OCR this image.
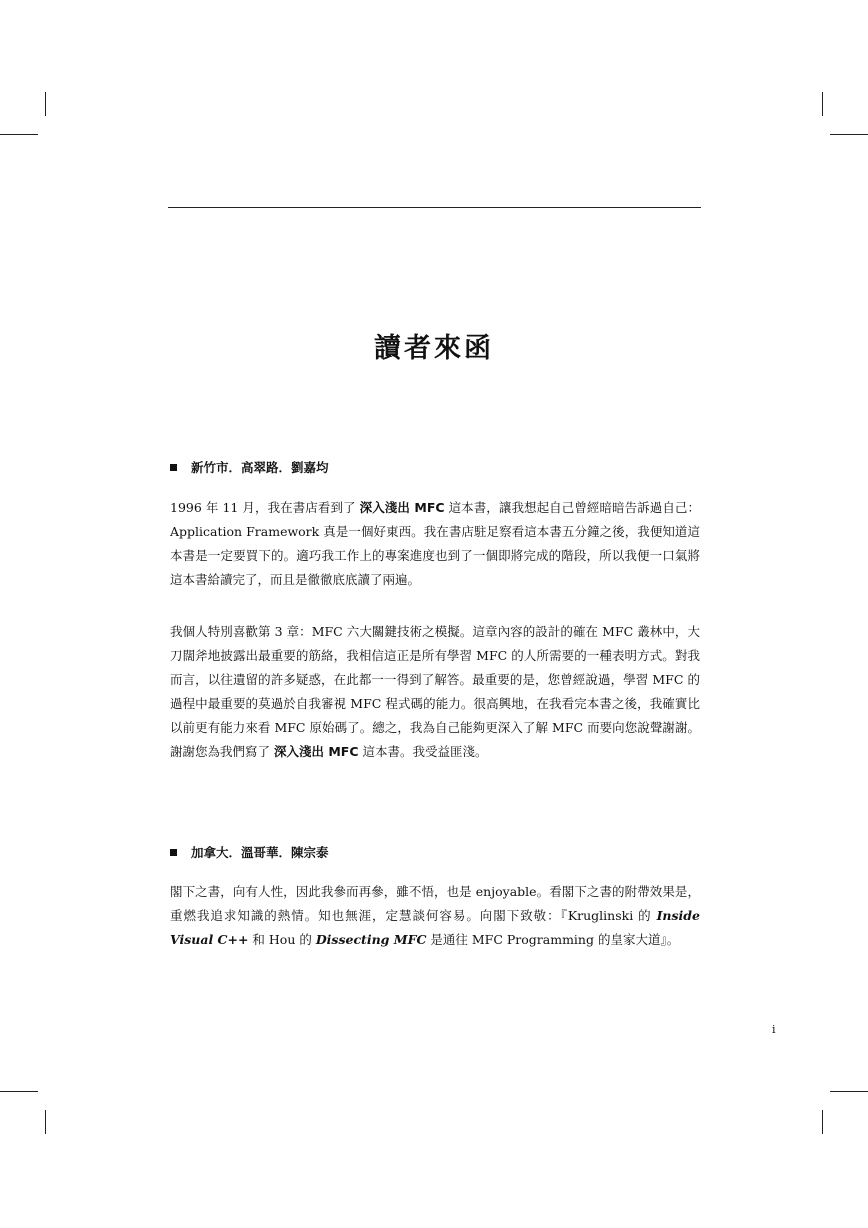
讀者來函
新竹市．高翠路．劉嘉均

1996 年 11 月，我在書店看到了 深入淺出 MFC 這本書，讓我想起自己曾經暗暗告訴過自己：Application Framework 真是一個好東西。我在書店駐足察看這本書五分鐘之後，我便知道這本書是一定要買下的。適巧我工作上的專案進度也到了一個即將完成的階段，所以我便一口氣將這本書給讀完了，而且是徹徹底底讀了兩遍。

我個人特別喜歡第 3 章：MFC 六大關鍵技術之模擬。這章內容的設計的確在 MFC 叢林中，大刀闊斧地披露出最重要的筋絡，我相信這正是所有學習 MFC 的人所需要的一種表明方式。對我而言，以往遺留的許多疑惑，在此都一一得到了解答。最重要的是，您曾經說過，學習 MFC 的過程中最重要的莫過於自我審視 MFC 程式碼的能力。很高興地，在我看完本書之後，我確實比以前更有能力來看 MFC 原始碼了。總之，我為自己能夠更深入了解 MFC 而要向您說聲謝謝。謝謝您為我們寫了 深入淺出 MFC 這本書。我受益匪淺。

加拿大．溫哥華．陳宗泰

閣下之書，向有人性，因此我參而再參，雖不悟，也是 enjoyable。看閣下之書的附帶效果是，重燃我追求知識的熱情。知也無涯，定慧談何容易。向閣下致敬：『Kruglinski 的 Inside Visual C++ 和 Hou 的 Dissecting MFC 是通往 MFC Programming 的皇家大道』。

i
